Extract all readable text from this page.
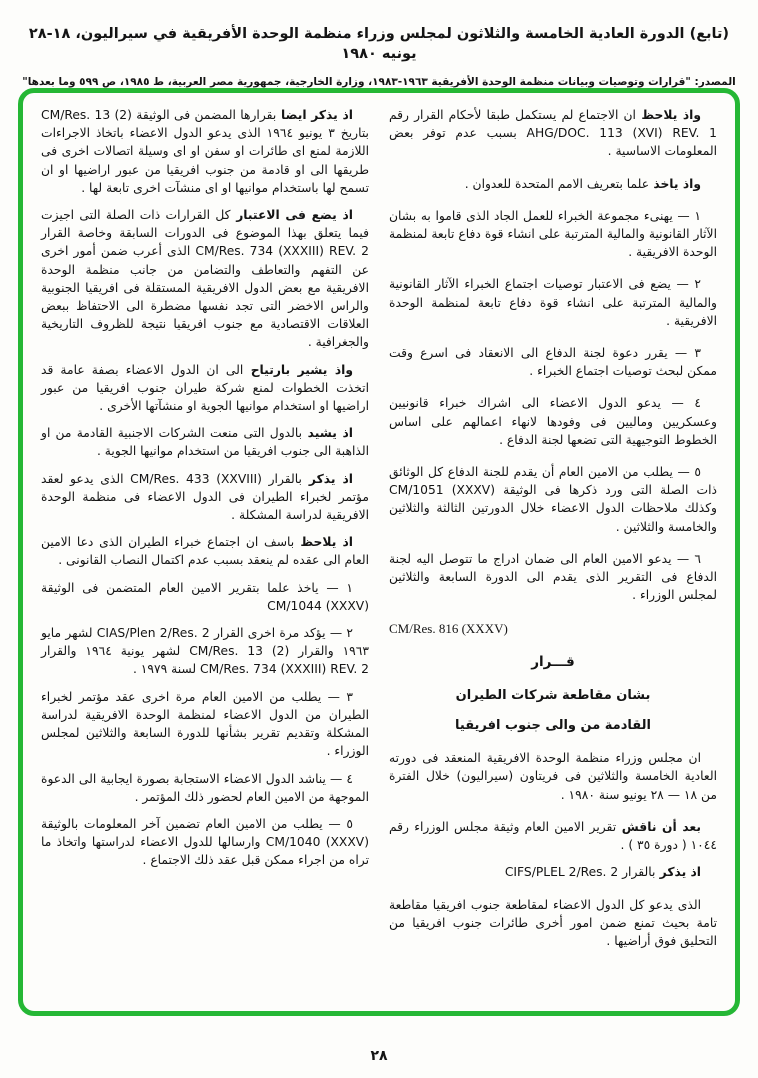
(تابع) الدورة العادية الخامسة والثلاثون لمجلس وزراء منظمة الوحدة الأفريقية في سيراليون، ١٨-٢٨ يونيه ١٩٨٠
المصدر: "قرارات وتوصيات وبيانات منظمة الوحدة الأفريقية ١٩٦٣-١٩٨٣، وزارة الخارجية، جمهورية مصر العربية، ط ١٩٨٥، ص ٥٩٩ وما بعدها"

واذ يلاحظ ان الاجتماع لم يستكمل طبقا لأحكام القرار رقم AHG/DOC. 113 (XVI) REV. 1 بسبب عدم توفر بعض المعلومات الاساسية .

واذ ياخذ علما بتعريف الامم المتحدة للعدوان .

١ — يهنىء مجموعة الخبراء للعمل الجاد الذى قاموا به بشان الآثار القانونية والمالية المترتبة على انشاء قوة دفاع تابعة لمنظمة الوحدة الافريقية .

٢ — يضع فى الاعتبار توصيات اجتماع الخبراء الآثار القانونية والمالية المترتبة على انشاء قوة دفاع تابعة لمنظمة الوحدة الافريقية .

٣ — يقرر دعوة لجنة الدفاع الى الانعقاد فى اسرع وقت ممكن لبحث توصيات اجتماع الخبراء .

٤ — يدعو الدول الاعضاء الى اشراك خبراء قانونيين وعسكريين وماليين فى وفودها لانهاء اعمالهم على اساس الخطوط التوجيهية التى تضعها لجنة الدفاع .

٥ — يطلب من الامين العام أن يقدم للجنة الدفاع كل الوثائق ذات الصلة التى ورد ذكرها فى الوثيقة CM/1051 (XXXV) وكذلك ملاحظات الدول الاعضاء خلال الدورتين الثالثة والثلاثين والخامسة والثلاثين .

٦ — يدعو الامين العام الى ضمان ادراج ما تتوصل اليه لجنة الدفاع فى التقرير الذى يقدم الى الدورة السابعة والثلاثين لمجلس الوزراء .

CM/Res. 816 (XXXV)

قـــرار

بشان مقاطعة شركات الطيران

القادمة من والى جنوب افريقيا

ان مجلس وزراء منظمة الوحدة الافريقية المنعقد فى دورته العادية الخامسة والثلاثين فى فريتاون (سيراليون) خلال الفترة من ١٨ — ٢٨ يونيو سنة ١٩٨٠ .

بعد أن ناقش تقرير الامين العام وثيقة مجلس الوزراء رقم ١٠٤٤ ( دورة ٣٥ ) .

اذ يذكر بالقرار CIFS/PLEL 2/Res. 2

الذى يدعو كل الدول الاعضاء لمقاطعة جنوب افريقيا مقاطعة تامة بحيث تمنع ضمن امور أخرى طائرات جنوب افريقيا من التحليق فوق أراضيها .

اذ يذكر ايضا بقرارها المضمن فى الوثيقة CM/Res. 13 (2) بتاريخ ٣ يونيو ١٩٦٤ الذى يدعو الدول الاعضاء باتخاذ الاجراءات اللازمة لمنع اى طائرات او سفن او اى وسيلة اتصالات اخرى فى طريقها الى او قادمة من جنوب افريقيا من عبور اراضيها او ان تسمح لها باستخدام موانيها او اى منشآت اخرى تابعة لها .

اذ يضع فى الاعتبار كل القرارات ذات الصلة التى اجيزت فيما يتعلق بهذا الموضوع فى الدورات السابقة وخاصة القرار CM/Res. 734 (XXXIII) REV. 2 الذى أعرب ضمن أمور اخرى عن التفهم والتعاطف والتضامن من جانب منظمة الوحدة الافريقية مع بعض الدول الافريقية المستقلة فى افريقيا الجنوبية والراس الاخضر التى تجد نفسها مضطرة الى الاحتفاظ ببعض العلاقات الاقتصادية مع جنوب افريقيا نتيجة للظروف التاريخية والجغرافية .

واذ يشير بارتياح الى ان الدول الاعضاء بصفة عامة قد اتخذت الخطوات لمنع شركة طيران جنوب افريقيا من عبور اراضيها او استخدام موانيها الجوية او منشآتها الأخرى .

اذ يشيد بالدول التى منعت الشركات الاجنبية القادمة من او الذاهبة الى جنوب افريقيا من استخدام موانيها الجوية .

اذ يذكر بالقرار CM/Res. 433 (XXVIII) الذى يدعو لعقد مؤتمر لخبراء الطيران فى الدول الاعضاء فى منظمة الوحدة الافريقية لدراسة المشكلة .

اذ يلاحظ باسف ان اجتماع خبراء الطيران الذى دعا الامين العام الى عقده لم ينعقد بسبب عدم اكتمال النصاب القانونى .

١ — ياخذ علما بتقرير الامين العام المتضمن فى الوثيقة CM/1044 (XXXV)

٢ — يؤكد مرة اخرى القرار CIAS/Plen 2/Res. 2 لشهر مايو ١٩٦٣ والقرار CM/Res. 13 (2) لشهر يونية ١٩٦٤ والقرار CM/Res. 734 (XXXIII) REV. 2 لسنة ١٩٧٩ .

٣ — يطلب من الامين العام مرة اخرى عقد مؤتمر لخبراء الطيران من الدول الاعضاء لمنظمة الوحدة الافريقية لدراسة المشكلة وتقديم تقرير بشأنها للدورة السابعة والثلاثين لمجلس الوزراء .

٤ — يناشد الدول الاعضاء الاستجابة بصورة ايجابية الى الدعوة الموجهة من الامين العام لحضور ذلك المؤتمر .

٥ — يطلب من الامين العام تضمين آخر المعلومات بالوثيقة CM/1040 (XXXV) وارسالها للدول الاعضاء لدراستها واتخاذ ما تراه من اجراء ممكن قبل عقد ذلك الاجتماع .

٢٨
